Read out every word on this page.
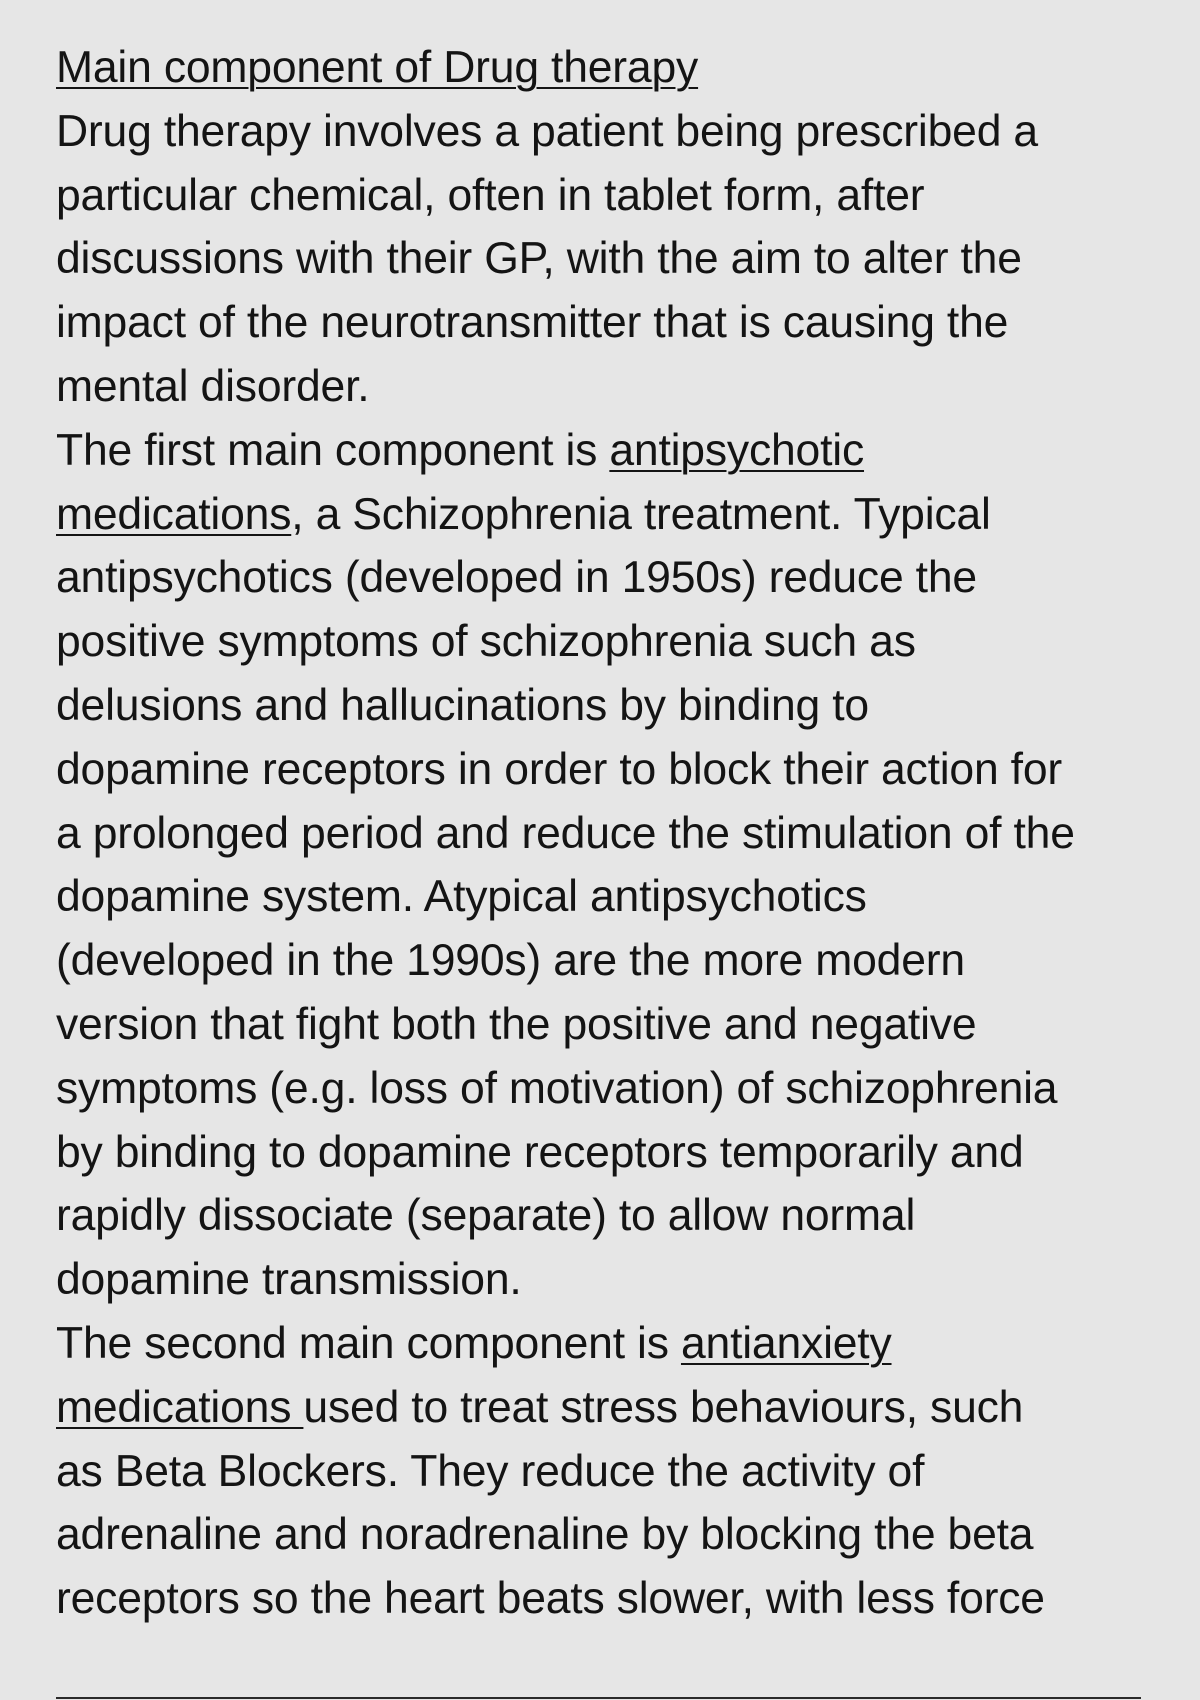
Main component of Drug therapy
Drug therapy involves a patient being prescribed a
particular chemical, often in tablet form, after
discussions with their GP, with the aim to alter the
impact of the neurotransmitter that is causing the
mental disorder.
The first main component is antipsychotic
medications, a Schizophrenia treatment. Typical
antipsychotics (developed in 1950s) reduce the
positive symptoms of schizophrenia such as
delusions and hallucinations by binding to
dopamine receptors in order to block their action for
a prolonged period and reduce the stimulation of the
dopamine system. Atypical antipsychotics
(developed in the 1990s) are the more modern
version that fight both the positive and negative
symptoms (e.g. loss of motivation) of schizophrenia
by binding to dopamine receptors temporarily and
rapidly dissociate (separate) to allow normal
dopamine transmission.
The second main component is antianxiety
medications used to treat stress behaviours, such
as Beta Blockers. They reduce the activity of
adrenaline and noradrenaline by blocking the beta
receptors so the heart beats slower, with less force
